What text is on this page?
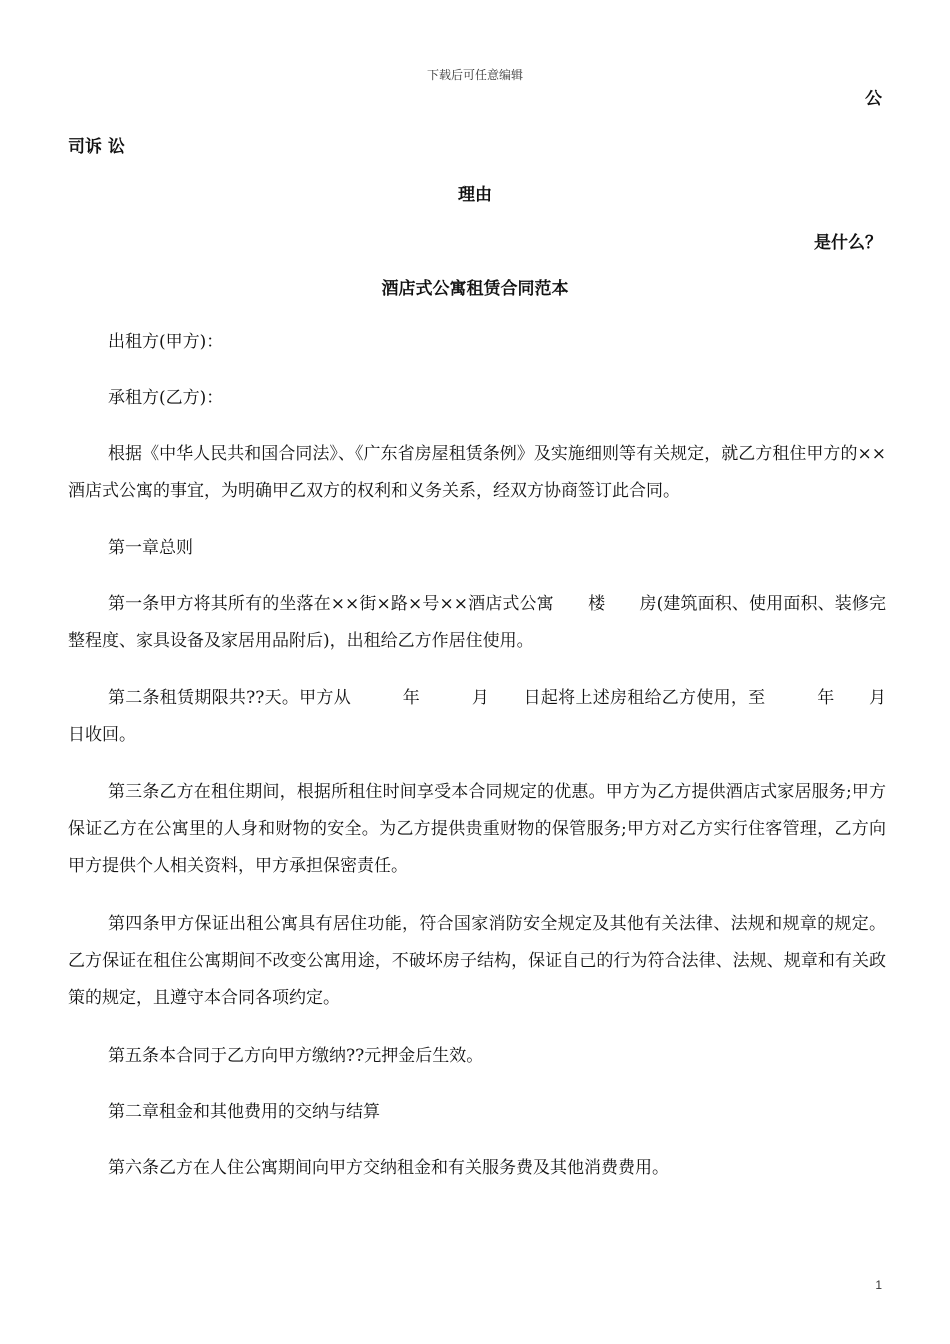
下载后可任意编辑
公
司诉 讼
理由
是什么？
酒店式公寓租赁合同范本

出租方(甲方)：

承租方(乙方)：

根据《中华人民共和国合同法》、《广东省房屋租赁条例》及实施细则等有关规定，就乙方租住甲方的××酒店式公寓的事宜，为明确甲乙双方的权利和义务关系，经双方协商签订此合同。

第一章总则

第一条甲方将其所有的坐落在××街×路×号××酒店式公寓　　楼　　房(建筑面积、使用面积、装修完整程度、家具设备及家居用品附后)，出租给乙方作居住使用。

第二条租赁期限共??天。甲方从　　　年　　　月　　日起将上述房租给乙方使用，至　　　年　　月　　日收回。

第三条乙方在租住期间，根据所租住时间享受本合同规定的优惠。甲方为乙方提供酒店式家居服务;甲方保证乙方在公寓里的人身和财物的安全。为乙方提供贵重财物的保管服务;甲方对乙方实行住客管理，乙方向甲方提供个人相关资料，甲方承担保密责任。

第四条甲方保证出租公寓具有居住功能，符合国家消防安全规定及其他有关法律、法规和规章的规定。乙方保证在租住公寓期间不改变公寓用途，不破坏房子结构，保证自己的行为符合法律、法规、规章和有关政策的规定，且遵守本合同各项约定。

第五条本合同于乙方向甲方缴纳??元押金后生效。

第二章租金和其他费用的交纳与结算

第六条乙方在人住公寓期间向甲方交纳租金和有关服务费及其他消费费用。

1
